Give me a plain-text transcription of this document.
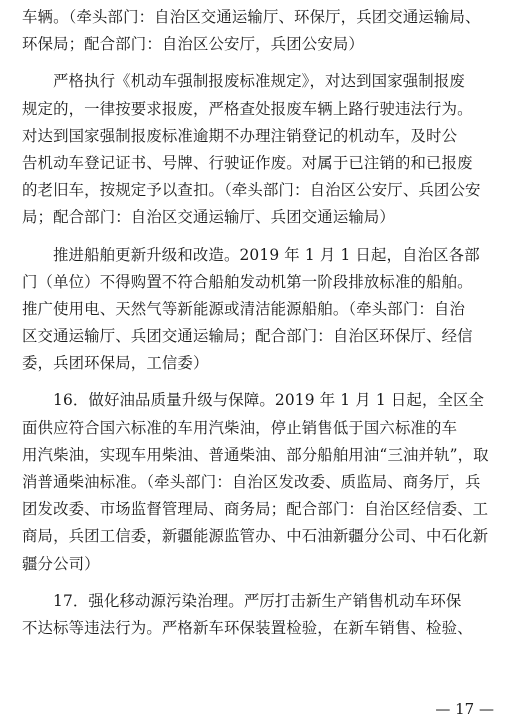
车辆。（牵头部门：自治区交通运输厅、环保厅，兵团交通运输局、
环保局；配合部门：自治区公安厅，兵团公安局）

严格执行《机动车强制报废标准规定》，对达到国家强制报废
规定的，一律按要求报废，严格查处报废车辆上路行驶违法行为。
对达到国家强制报废标准逾期不办理注销登记的机动车，及时公
告机动车登记证书、号牌、行驶证作废。对属于已注销的和已报废
的老旧车，按规定予以查扣。（牵头部门：自治区公安厅、兵团公安
局；配合部门：自治区交通运输厅、兵团交通运输局）

推进船舶更新升级和改造。2019 年 1 月 1 日起，自治区各部
门（单位）不得购置不符合船舶发动机第一阶段排放标准的船舶。
推广使用电、天然气等新能源或清洁能源船舶。（牵头部门：自治
区交通运输厅、兵团交通运输局；配合部门：自治区环保厅、经信
委，兵团环保局，工信委）

16．做好油品质量升级与保障。2019 年 1 月 1 日起，全区全
面供应符合国六标准的车用汽柴油，停止销售低于国六标准的车
用汽柴油，实现车用柴油、普通柴油、部分船舶用油“三油并轨”，取
消普通柴油标准。（牵头部门：自治区发改委、质监局、商务厅，兵
团发改委、市场监督管理局、商务局；配合部门：自治区经信委、工
商局，兵团工信委，新疆能源监管办、中石油新疆分公司、中石化新
疆分公司）

17．强化移动源污染治理。严厉打击新生产销售机动车环保
不达标等违法行为。严格新车环保装置检验，在新车销售、检验、

— 17 —
